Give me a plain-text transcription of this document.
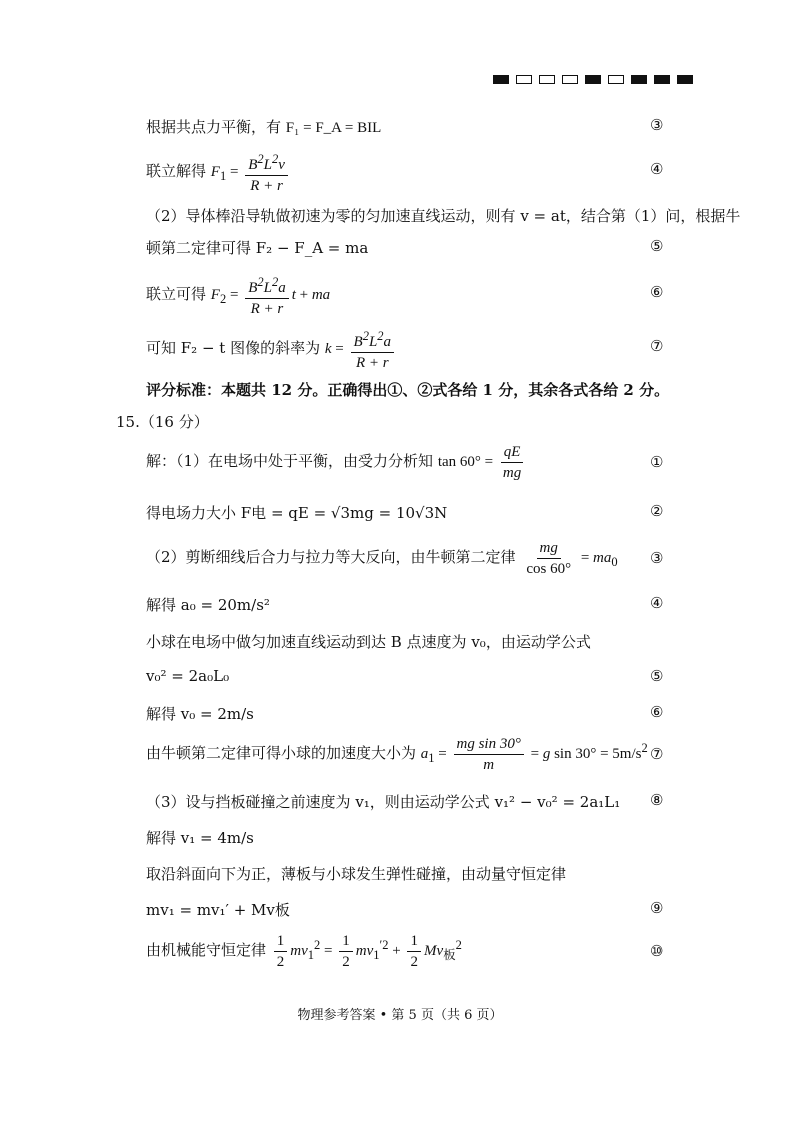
根据共点力平衡，有 F₁ = F_A = BIL	③
联立解得 $F_1 = \frac{B^2L^2v}{R + r}$	④
（2）导体棒沿导轨做初速为零的匀加速直线运动，则有 v = at，结合第（1）问，根据牛
顿第二定律可得 F₂ − F_A = ma	⑤
联立可得 $F_2 = \frac{B^2L^2a}{R + r}$ t + ma	⑥
可知 F₂ − t 图像的斜率为 $k = \frac{B^2L^2a}{R + r}$	⑦
评分标准：本题共 12 分。正确得出①、②式各给 1 分，其余各式各给 2 分。
15.（16 分）
解：（1）在电场中处于平衡，由受力分析知 $\tan 60^\circ = \frac{qE}{mg}$	①
得电场力大小 F电 = qE = √3mg = 10√3N	②
（2）剪断细线后合力与拉力等大反向，由牛顿第二定律 $\frac{mg}{\cos 60^\circ} = ma_0$ ③
解得 a₀ = 20m/s²	④
小球在电场中做匀加速直线运动到达 B 点速度为 v₀，由运动学公式
v₀² = 2a₀L₀	⑤
解得 v₀ = 2m/s	⑥
由牛顿第二定律可得小球的加速度大小为 $a_1 = \frac{\text{mg sin 30°}}{m} = g$ $\sin 30^\circ = 5m/s^2$ ⑦
（3）设与挡板碰撞之前速度为 v₁，则由运动学公式 v₁² − v₀² = 2a₁L₁ ⑧
解得 v₁ = 4m/s
取沿斜面向下为正，薄板与小球发生弹性碰撞，由动量守恒定律
mv₁ = mv₁′ + Mv板	⑨
由机械能守恒定律 $\frac{1}{2} mv_1^2 = \frac{1}{2} mv_1^{'2} + \frac{1}{2} Mv_板^2$	⑩
物理参考答案 • 第 5 页（共 6 页）
